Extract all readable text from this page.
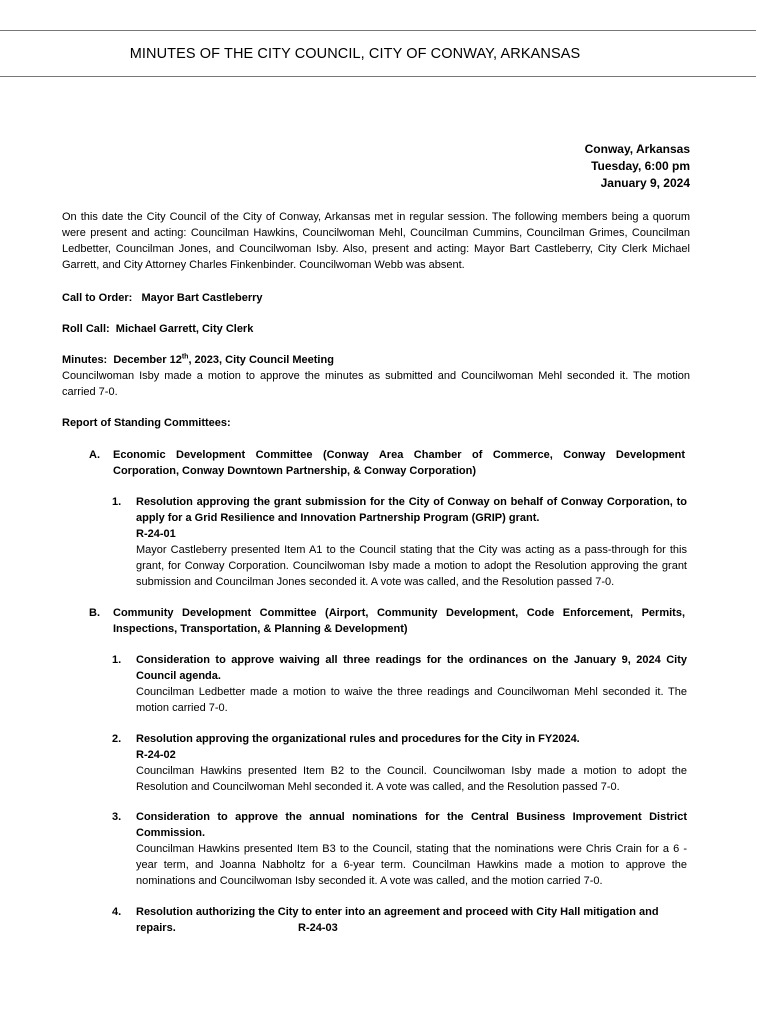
MINUTES OF THE CITY COUNCIL, CITY OF CONWAY, ARKANSAS
Conway, Arkansas
Tuesday, 6:00 pm
January 9, 2024
On this date the City Council of the City of Conway, Arkansas met in regular session. The following members being a quorum were present and acting: Councilman Hawkins, Councilwoman Mehl, Councilman Cummins, Councilman Grimes, Councilman Ledbetter, Councilman Jones, and Councilwoman Isby. Also, present and acting: Mayor Bart Castleberry, City Clerk Michael Garrett, and City Attorney Charles Finkenbinder. Councilwoman Webb was absent.
Call to Order:   Mayor Bart Castleberry
Roll Call:  Michael Garrett, City Clerk
Minutes:  December 12th, 2023, City Council Meeting
Councilwoman Isby made a motion to approve the minutes as submitted and Councilwoman Mehl seconded it. The motion carried 7-0.
Report of Standing Committees:
A.	Economic Development Committee (Conway Area Chamber of Commerce, Conway Development Corporation, Conway Downtown Partnership, & Conway Corporation)
1.	Resolution approving the grant submission for the City of Conway on behalf of Conway Corporation, to apply for a Grid Resilience and Innovation Partnership Program (GRIP) grant.
R-24-01
Mayor Castleberry presented Item A1 to the Council stating that the City was acting as a pass-through for this grant, for Conway Corporation. Councilwoman Isby made a motion to adopt the Resolution approving the grant submission and Councilman Jones seconded it. A vote was called, and the Resolution passed 7-0.
B.	Community Development Committee (Airport, Community Development, Code Enforcement, Permits, Inspections, Transportation, & Planning & Development)
1.	Consideration to approve waiving all three readings for the ordinances on the January 9, 2024 City Council agenda.
Councilman Ledbetter made a motion to waive the three readings and Councilwoman Mehl seconded it. The motion carried 7-0.
2.	Resolution approving the organizational rules and procedures for the City in FY2024.
R-24-02
Councilman Hawkins presented Item B2 to the Council. Councilwoman Isby made a motion to adopt the Resolution and Councilwoman Mehl seconded it. A vote was called, and the Resolution passed 7-0.
3.	Consideration to approve the annual nominations for the Central Business Improvement District Commission.
Councilman Hawkins presented Item B3 to the Council, stating that the nominations were Chris Crain for a 6 -year term, and Joanna Nabholtz for a 6-year term. Councilman Hawkins made a motion to approve the nominations and Councilwoman Isby seconded it. A vote was called, and the motion carried 7-0.
4.	Resolution authorizing the City to enter into an agreement and proceed with City Hall mitigation and
repairs.	R-24-03
